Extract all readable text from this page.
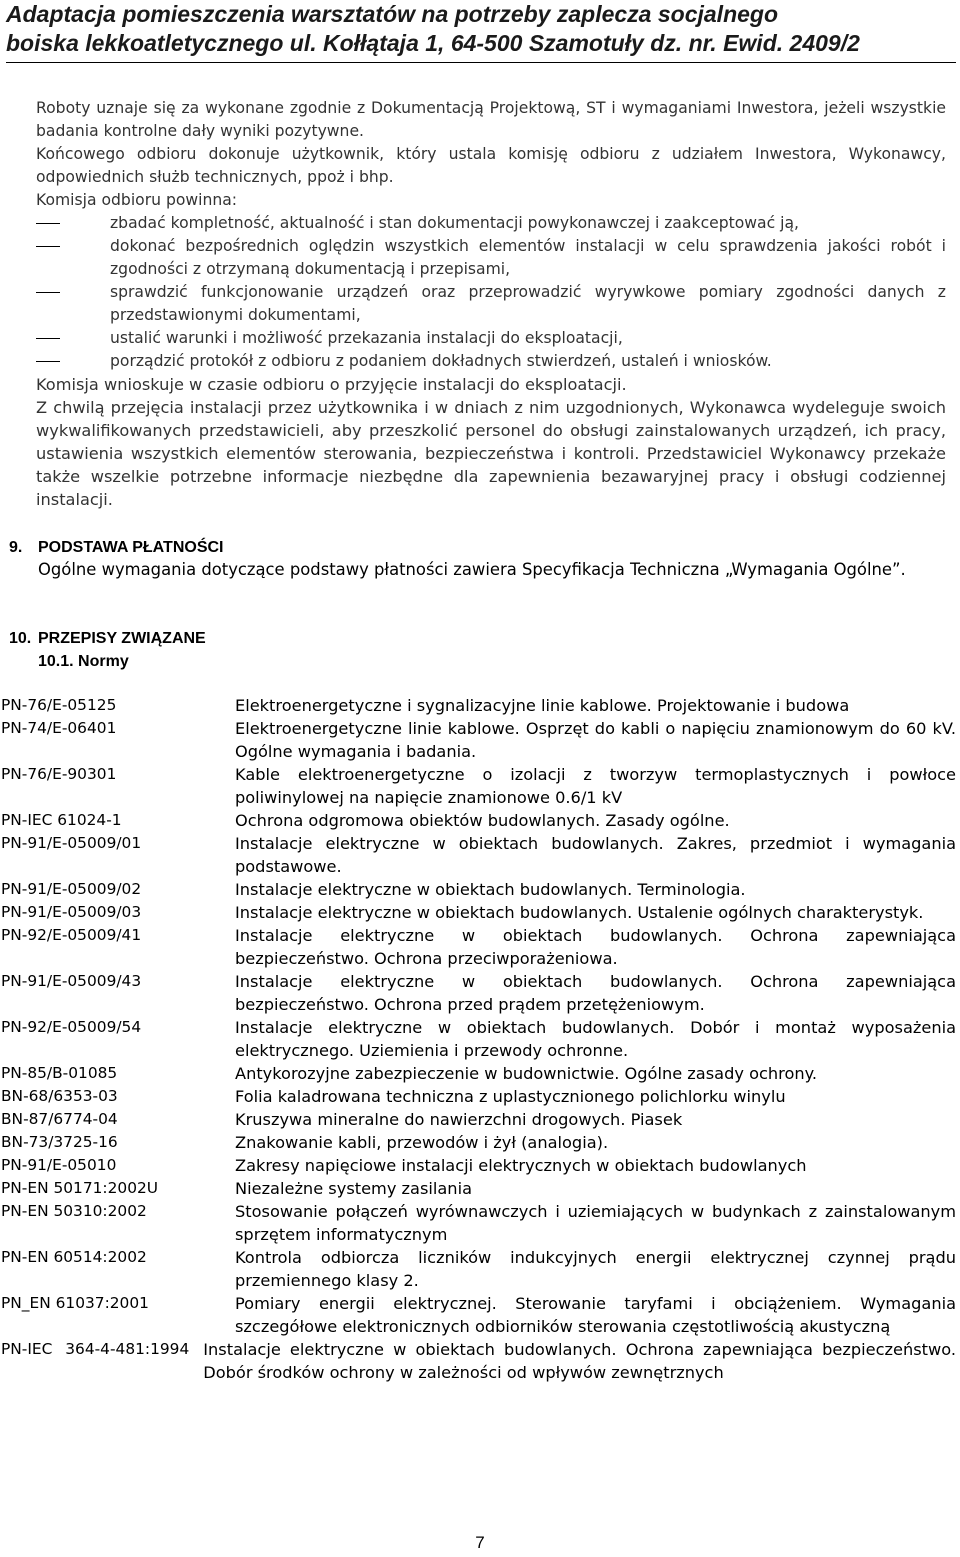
Adaptacja pomieszczenia warsztatów na potrzeby zaplecza socjalnego
boiska lekkoatletycznego ul. Kołłątaja 1, 64-500 Szamotuły dz. nr. Ewid. 2409/2

Roboty uznaje się za wykonane zgodnie z Dokumentacją Projektową, ST i wymaganiami Inwestora, jeżeli wszystkie badania kontrolne dały wyniki pozytywne.

Końcowego odbioru dokonuje użytkownik, który ustala komisję odbioru z udziałem Inwestora, Wykonawcy, odpowiednich służb technicznych, ppoż i bhp.

Komisja odbioru powinna:

zbadać kompletność, aktualność i stan dokumentacji powykonawczej i zaakceptować ją,
dokonać bezpośrednich oględzin wszystkich elementów instalacji w celu sprawdzenia jakości robót i zgodności z otrzymaną dokumentacją i przepisami,
sprawdzić funkcjonowanie urządzeń oraz przeprowadzić wyrywkowe pomiary zgodności danych z przedstawionymi dokumentami,
ustalić warunki i możliwość przekazania instalacji do eksploatacji,
porządzić protokół z odbioru z podaniem dokładnych stwierdzeń, ustaleń i wniosków.

Komisja wnioskuje w czasie odbioru o przyjęcie instalacji do eksploatacji.

Z chwilą przejęcia instalacji przez użytkownika i w dniach z nim uzgodnionych, Wykonawca wydeleguje swoich wykwalifikowanych przedstawicieli, aby przeszkolić personel do obsługi zainstalowanych urządzeń, ich pracy, ustawienia wszystkich elementów sterowania, bezpieczeństwa i kontroli. Przedstawiciel Wykonawcy przekaże także wszelkie potrzebne informacje niezbędne dla zapewnienia bezawaryjnej pracy i obsługi codziennej instalacji.

9. PODSTAWA PŁATNOŚCI
Ogólne wymagania dotyczące podstawy płatności zawiera Specyfikacja Techniczna „Wymagania Ogólne”.
10. PRZEPISY ZWIĄZANE
10.1. Normy
PN-76/E-05125	Elektroenergetyczne i sygnalizacyjne linie kablowe. Projektowanie i budowa
PN-74/E-06401	Elektroenergetyczne linie kablowe. Osprzęt do kabli o napięciu znamionowym do 60 kV. Ogólne wymagania i badania.
PN-76/E-90301	Kable elektroenergetyczne o izolacji z tworzyw termoplastycznych i powłoce poliwinylowej na napięcie znamionowe 0.6/1 kV
PN-IEC 61024-1	Ochrona odgromowa obiektów budowlanych. Zasady ogólne.
PN-91/E-05009/01	Instalacje elektryczne w obiektach budowlanych. Zakres, przedmiot i wymagania podstawowe.
PN-91/E-05009/02	Instalacje elektryczne w obiektach budowlanych. Terminologia.
PN-91/E-05009/03	Instalacje elektryczne w obiektach budowlanych. Ustalenie ogólnych charakterystyk.
PN-92/E-05009/41	Instalacje elektryczne w obiektach budowlanych. Ochrona zapewniająca bezpieczeństwo. Ochrona przeciwporażeniowa.
PN-91/E-05009/43	Instalacje elektryczne w obiektach budowlanych. Ochrona zapewniająca bezpieczeństwo. Ochrona przed prądem przetężeniowym.
PN-92/E-05009/54	Instalacje elektryczne w obiektach budowlanych. Dobór i montaż wyposażenia elektrycznego. Uziemienia i przewody ochronne.
PN-85/B-01085	Antykorozyjne zabezpieczenie w budownictwie. Ogólne zasady ochrony.
BN-68/6353-03	Folia kaladrowana techniczna z uplastycznionego polichlorku winylu
BN-87/6774-04	Kruszywa mineralne do nawierzchni drogowych. Piasek
BN-73/3725-16	Znakowanie kabli, przewodów i żył (analogia).
PN-91/E-05010	Zakresy napięciowe instalacji elektrycznych w obiektach budowlanych
PN-EN 50171:2002U	Niezależne systemy zasilania
PN-EN 50310:2002	Stosowanie połączeń wyrównawczych i uziemiających w budynkach z zainstalowanym sprzętem informatycznym
PN-EN 60514:2002	Kontrola odbiorcza liczników indukcyjnych energii elektrycznej czynnej prądu przemiennego klasy 2.
PN_EN 61037:2001	Pomiary energii elektrycznej. Sterowanie taryfami i obciążeniem. Wymagania szczegółowe elektronicznych odbiorników sterowania częstotliwością akustyczną
PN-IEC 364-4-481:1994 Instalacje elektryczne w obiektach budowlanych. Ochrona zapewniająca bezpieczeństwo. Dobór środków ochrony w zależności od wpływów zewnętrznych
7
